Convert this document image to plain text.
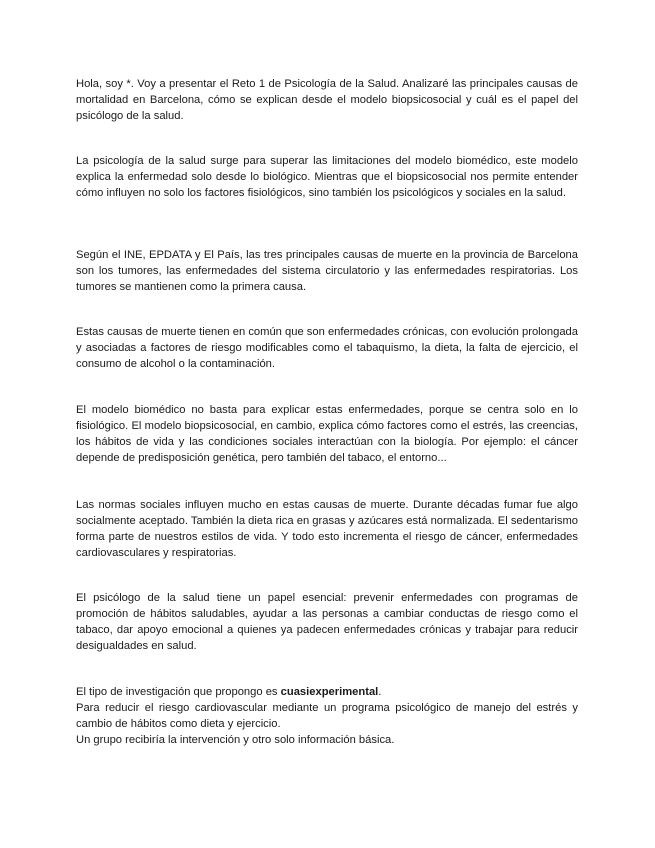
Hola, soy *. Voy a presentar el Reto 1 de Psicología de la Salud. Analizaré las principales causas de mortalidad en Barcelona, cómo se explican desde el modelo biopsicosocial y cuál es el papel del psicólogo de la salud.

La psicología de la salud surge para superar las limitaciones del modelo biomédico, este modelo explica la enfermedad solo desde lo biológico. Mientras que el biopsicosocial nos permite entender cómo influyen no solo los factores fisiológicos, sino también los psicológicos y sociales en la salud.

Según el INE, EPDATA y El País, las tres principales causas de muerte en la provincia de Barcelona son los tumores, las enfermedades del sistema circulatorio y las enfermedades respiratorias. Los tumores se mantienen como la primera causa.

Estas causas de muerte tienen en común que son enfermedades crónicas, con evolución prolongada y asociadas a factores de riesgo modificables como el tabaquismo, la dieta, la falta de ejercicio, el consumo de alcohol o la contaminación.

El modelo biomédico no basta para explicar estas enfermedades, porque se centra solo en lo fisiológico. El modelo biopsicosocial, en cambio, explica cómo factores como el estrés, las creencias, los hábitos de vida y las condiciones sociales interactúan con la biología. Por ejemplo: el cáncer depende de predisposición genética, pero también del tabaco, el entorno...

Las normas sociales influyen mucho en estas causas de muerte. Durante décadas fumar fue algo socialmente aceptado. También la dieta rica en grasas y azúcares está normalizada. El sedentarismo forma parte de nuestros estilos de vida. Y todo esto incrementa el riesgo de cáncer, enfermedades cardiovasculares y respiratorias.

El psicólogo de la salud tiene un papel esencial: prevenir enfermedades con programas de promoción de hábitos saludables, ayudar a las personas a cambiar conductas de riesgo como el tabaco, dar apoyo emocional a quienes ya padecen enfermedades crónicas y trabajar para reducir desigualdades en salud.

El tipo de investigación que propongo es cuasiexperimental.
Para reducir el riesgo cardiovascular mediante un programa psicológico de manejo del estrés y cambio de hábitos como dieta y ejercicio.
Un grupo recibiría la intervención y otro solo información básica.
